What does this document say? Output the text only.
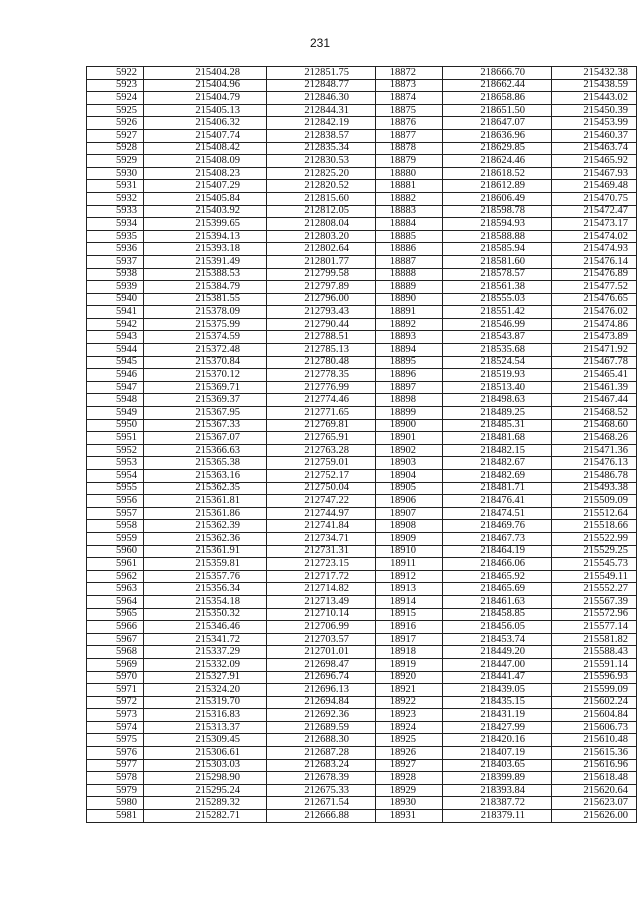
231
5922	215404.28	212851.75	18872	218666.70	215432.38
5923	215404.96	212848.77	18873	218662.44	215438.59
5924	215404.79	212846.30	18874	218658.86	215443.02
5925	215405.13	212844.31	18875	218651.50	215450.39
5926	215406.32	212842.19	18876	218647.07	215453.99
5927	215407.74	212838.57	18877	218636.96	215460.37
5928	215408.42	212835.34	18878	218629.85	215463.74
5929	215408.09	212830.53	18879	218624.46	215465.92
5930	215408.23	212825.20	18880	218618.52	215467.93
5931	215407.29	212820.52	18881	218612.89	215469.48
5932	215405.84	212815.60	18882	218606.49	215470.75
5933	215403.92	212812.05	18883	218598.78	215472.47
5934	215399.65	212808.04	18884	218594.93	215473.17
5935	215394.13	212803.20	18885	218588.88	215474.02
5936	215393.18	212802.64	18886	218585.94	215474.93
5937	215391.49	212801.77	18887	218581.60	215476.14
5938	215388.53	212799.58	18888	218578.57	215476.89
5939	215384.79	212797.89	18889	218561.38	215477.52
5940	215381.55	212796.00	18890	218555.03	215476.65
5941	215378.09	212793.43	18891	218551.42	215476.02
5942	215375.99	212790.44	18892	218546.99	215474.86
5943	215374.59	212788.51	18893	218543.87	215473.89
5944	215372.48	212785.13	18894	218535.68	215471.92
5945	215370.84	212780.48	18895	218524.54	215467.78
5946	215370.12	212778.35	18896	218519.93	215465.41
5947	215369.71	212776.99	18897	218513.40	215461.39
5948	215369.37	212774.46	18898	218498.63	215467.44
5949	215367.95	212771.65	18899	218489.25	215468.52
5950	215367.33	212769.81	18900	218485.31	215468.60
5951	215367.07	212765.91	18901	218481.68	215468.26
5952	215366.63	212763.28	18902	218482.15	215471.36
5953	215365.38	212759.01	18903	218482.67	215476.13
5954	215363.16	212752.17	18904	218482.69	215486.78
5955	215362.35	212750.04	18905	218481.71	215493.38
5956	215361.81	212747.22	18906	218476.41	215509.09
5957	215361.86	212744.97	18907	218474.51	215512.64
5958	215362.39	212741.84	18908	218469.76	215518.66
5959	215362.36	212734.71	18909	218467.73	215522.99
5960	215361.91	212731.31	18910	218464.19	215529.25
5961	215359.81	212723.15	18911	218466.06	215545.73
5962	215357.76	212717.72	18912	218465.92	215549.11
5963	215356.34	212714.82	18913	218465.69	215552.27
5964	215354.18	212713.49	18914	218461.63	215567.39
5965	215350.32	212710.14	18915	218458.85	215572.96
5966	215346.46	212706.99	18916	218456.05	215577.14
5967	215341.72	212703.57	18917	218453.74	215581.82
5968	215337.29	212701.01	18918	218449.20	215588.43
5969	215332.09	212698.47	18919	218447.00	215591.14
5970	215327.91	212696.74	18920	218441.47	215596.93
5971	215324.20	212696.13	18921	218439.05	215599.09
5972	215319.70	212694.84	18922	218435.15	215602.24
5973	215316.83	212692.36	18923	218431.19	215604.84
5974	215313.37	212689.59	18924	218427.99	215606.73
5975	215309.45	212688.30	18925	218420.16	215610.48
5976	215306.61	212687.28	18926	218407.19	215615.36
5977	215303.03	212683.24	18927	218403.65	215616.96
5978	215298.90	212678.39	18928	218399.89	215618.48
5979	215295.24	212675.33	18929	218393.84	215620.64
5980	215289.32	212671.54	18930	218387.72	215623.07
5981	215282.71	212666.88	18931	218379.11	215626.00
